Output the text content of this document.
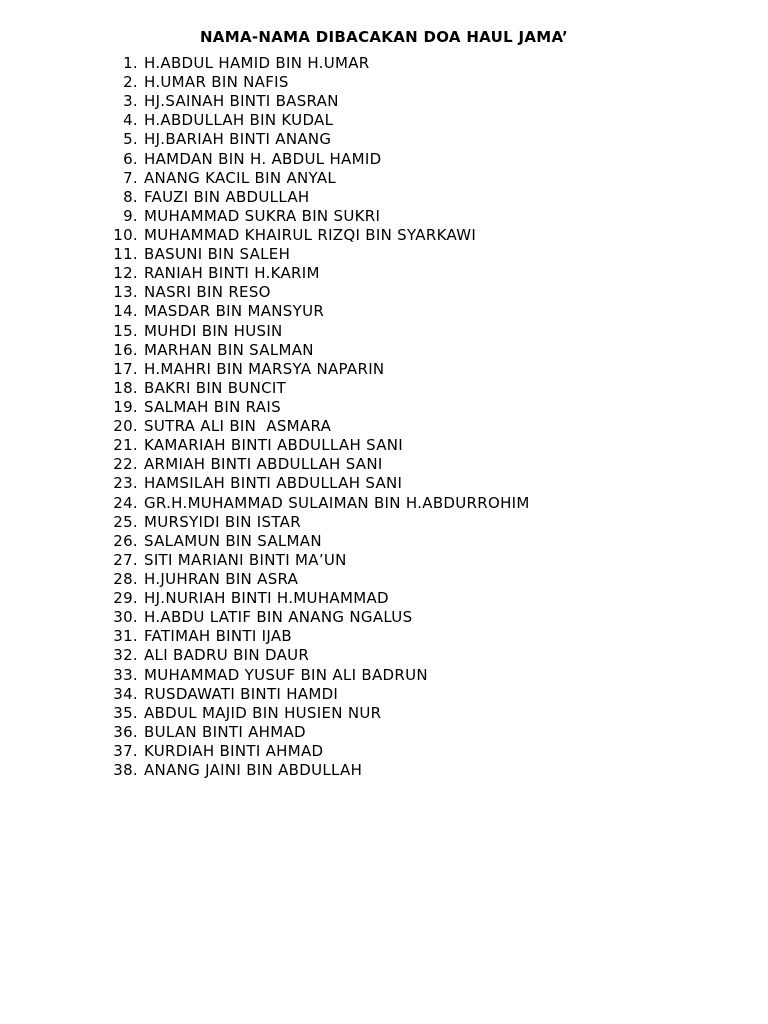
NAMA-NAMA DIBACAKAN DOA HAUL JAMA’
1. H.ABDUL HAMID BIN H.UMAR
2. H.UMAR BIN NAFIS
3. HJ.SAINAH BINTI BASRAN
4. H.ABDULLAH BIN KUDAL
5. HJ.BARIAH BINTI ANANG
6. HAMDAN BIN H. ABDUL HAMID
7. ANANG KACIL BIN ANYAL
8. FAUZI BIN ABDULLAH
9. MUHAMMAD SUKRA BIN SUKRI
10. MUHAMMAD KHAIRUL RIZQI BIN SYARKAWI
11. BASUNI BIN SALEH
12. RANIAH BINTI H.KARIM
13. NASRI BIN RESO
14. MASDAR BIN MANSYUR
15. MUHDI BIN HUSIN
16. MARHAN BIN SALMAN
17. H.MAHRI BIN MARSYA NAPARIN
18. BAKRI BIN BUNCIT
19. SALMAH BIN RAIS
20. SUTRA ALI BIN  ASMARA
21. KAMARIAH BINTI ABDULLAH SANI
22. ARMIAH BINTI ABDULLAH SANI
23. HAMSILAH BINTI ABDULLAH SANI
24. GR.H.MUHAMMAD SULAIMAN BIN H.ABDURROHIM
25. MURSYIDI BIN ISTAR
26. SALAMUN BIN SALMAN
27. SITI MARIANI BINTI MA’UN
28. H.JUHRAN BIN ASRA
29. HJ.NURIAH BINTI H.MUHAMMAD
30. H.ABDU LATIF BIN ANANG NGALUS
31. FATIMAH BINTI IJAB
32. ALI BADRU BIN DAUR
33. MUHAMMAD YUSUF BIN ALI BADRUN
34. RUSDAWATI BINTI HAMDI
35. ABDUL MAJID BIN HUSIEN NUR
36. BULAN BINTI AHMAD
37. KURDIAH BINTI AHMAD
38. ANANG JAINI BIN ABDULLAH
